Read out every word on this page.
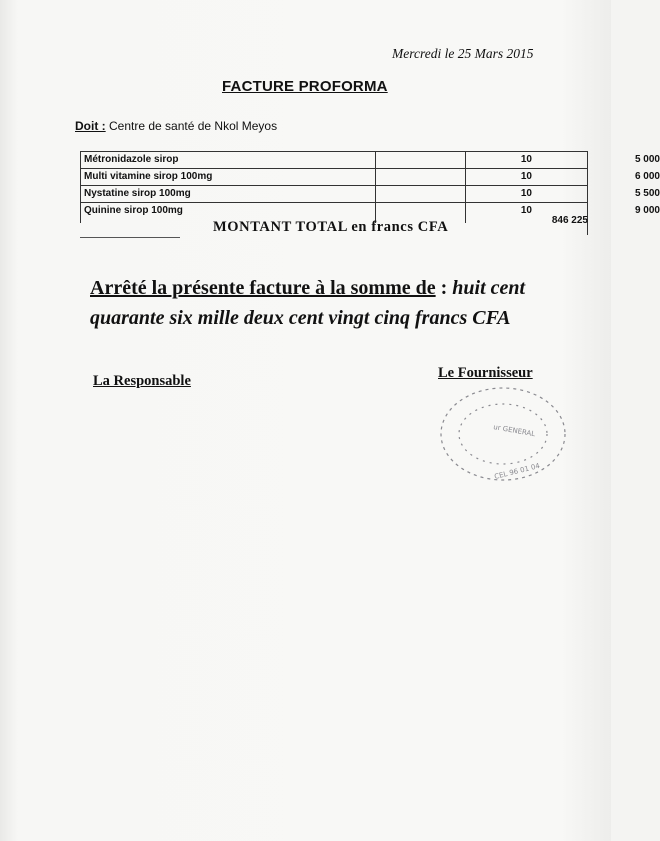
Mercredi le 25 Mars 2015
FACTURE PROFORMA
Doit : Centre de santé de Nkol Meyos
Métronidazole sirop	10	5 000
Multi vitamine sirop 100mg	10	6 000
Nystatine sirop 100mg	10	5 500
Quinine sirop 100mg	10	9 000
MONTANT TOTAL en francs CFA	846 225
Arrêté la présente facture à la somme de : huit cent quarante six mille deux cent vingt cinq francs CFA
La Responsable	Le Fournisseur
ur GENERAL
CEL 96 01 04
